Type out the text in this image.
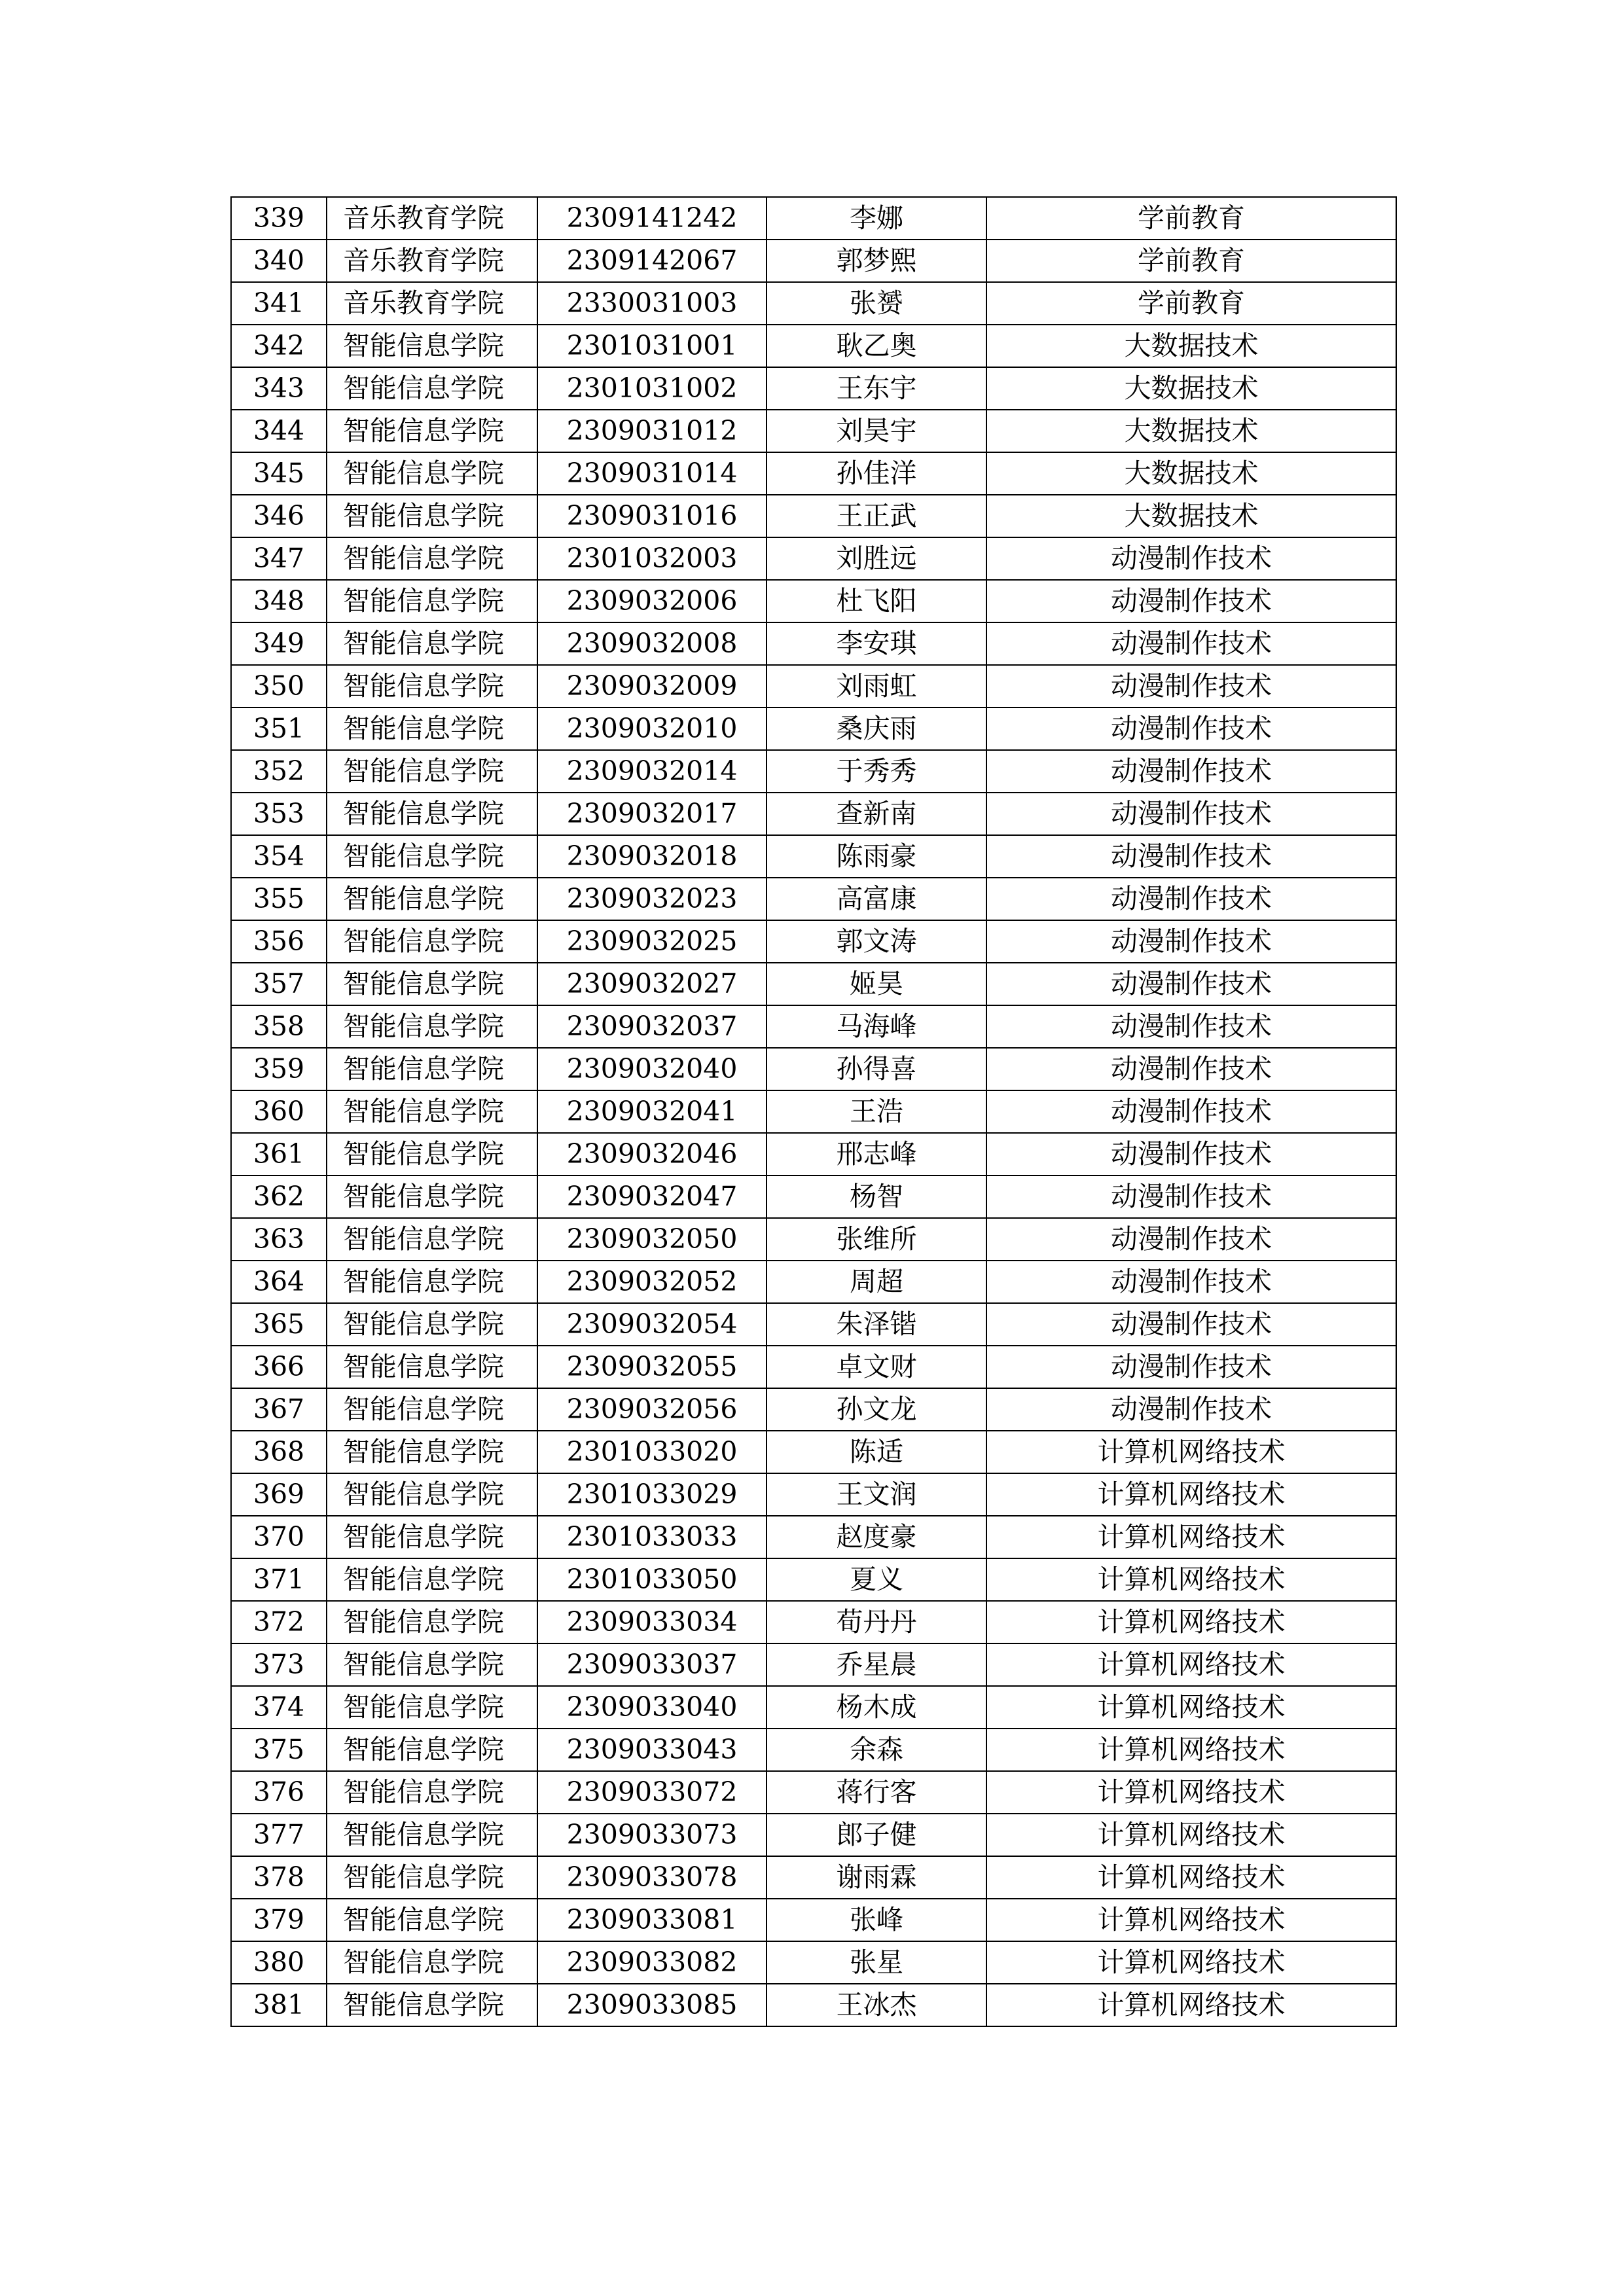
339	音乐教育学院	2309141242	李娜	学前教育
340	音乐教育学院	2309142067	郭梦熙	学前教育
341	音乐教育学院	2330031003	张赟	学前教育
342	智能信息学院	2301031001	耿乙奥	大数据技术
343	智能信息学院	2301031002	王东宇	大数据技术
344	智能信息学院	2309031012	刘昊宇	大数据技术
345	智能信息学院	2309031014	孙佳洋	大数据技术
346	智能信息学院	2309031016	王正武	大数据技术
347	智能信息学院	2301032003	刘胜远	动漫制作技术
348	智能信息学院	2309032006	杜飞阳	动漫制作技术
349	智能信息学院	2309032008	李安琪	动漫制作技术
350	智能信息学院	2309032009	刘雨虹	动漫制作技术
351	智能信息学院	2309032010	桑庆雨	动漫制作技术
352	智能信息学院	2309032014	于秀秀	动漫制作技术
353	智能信息学院	2309032017	查新南	动漫制作技术
354	智能信息学院	2309032018	陈雨豪	动漫制作技术
355	智能信息学院	2309032023	高富康	动漫制作技术
356	智能信息学院	2309032025	郭文涛	动漫制作技术
357	智能信息学院	2309032027	姬昊	动漫制作技术
358	智能信息学院	2309032037	马海峰	动漫制作技术
359	智能信息学院	2309032040	孙得喜	动漫制作技术
360	智能信息学院	2309032041	王浩	动漫制作技术
361	智能信息学院	2309032046	邢志峰	动漫制作技术
362	智能信息学院	2309032047	杨智	动漫制作技术
363	智能信息学院	2309032050	张维所	动漫制作技术
364	智能信息学院	2309032052	周超	动漫制作技术
365	智能信息学院	2309032054	朱泽锴	动漫制作技术
366	智能信息学院	2309032055	卓文财	动漫制作技术
367	智能信息学院	2309032056	孙文龙	动漫制作技术
368	智能信息学院	2301033020	陈适	计算机网络技术
369	智能信息学院	2301033029	王文润	计算机网络技术
370	智能信息学院	2301033033	赵度豪	计算机网络技术
371	智能信息学院	2301033050	夏义	计算机网络技术
372	智能信息学院	2309033034	荀丹丹	计算机网络技术
373	智能信息学院	2309033037	乔星晨	计算机网络技术
374	智能信息学院	2309033040	杨木成	计算机网络技术
375	智能信息学院	2309033043	余森	计算机网络技术
376	智能信息学院	2309033072	蒋行客	计算机网络技术
377	智能信息学院	2309033073	郎子健	计算机网络技术
378	智能信息学院	2309033078	谢雨霖	计算机网络技术
379	智能信息学院	2309033081	张峰	计算机网络技术
380	智能信息学院	2309033082	张星	计算机网络技术
381	智能信息学院	2309033085	王冰杰	计算机网络技术
